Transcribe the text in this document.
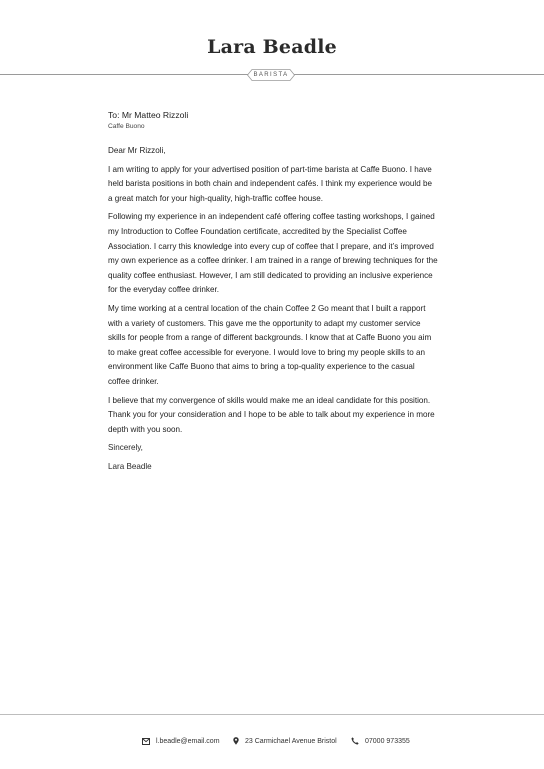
Lara Beadle
BARISTA
To: Mr Matteo Rizzoli
Caffe Buono
Dear Mr Rizzoli,

I am writing to apply for your advertised position of part-time barista at Caffe Buono. I have held barista positions in both chain and independent cafés. I think my experience would be a great match for your high-quality, high-traffic coffee house.

Following my experience in an independent café offering coffee tasting workshops, I gained my Introduction to Coffee Foundation certificate, accredited by the Specialist Coffee Association. I carry this knowledge into every cup of coffee that I prepare, and it’s improved my own experience as a coffee drinker. I am trained in a range of brewing techniques for the quality coffee enthusiast. However, I am still dedicated to providing an inclusive experience for the everyday coffee drinker.

My time working at a central location of the chain Coffee 2 Go meant that I built a rapport with a variety of customers. This gave me the opportunity to adapt my customer service skills for people from a range of different backgrounds. I know that at Caffe Buono you aim to make great coffee accessible for everyone. I would love to bring my people skills to an environment like Caffe Buono that aims to bring a top-quality experience to the casual coffee drinker.

I believe that my convergence of skills would make me an ideal candidate for this position. Thank you for your consideration and I hope to be able to talk about my experience in more depth with you soon.

Sincerely,
Lara Beadle
l.beadle@email.com	23 Carmichael Avenue Bristol	07000 973355
